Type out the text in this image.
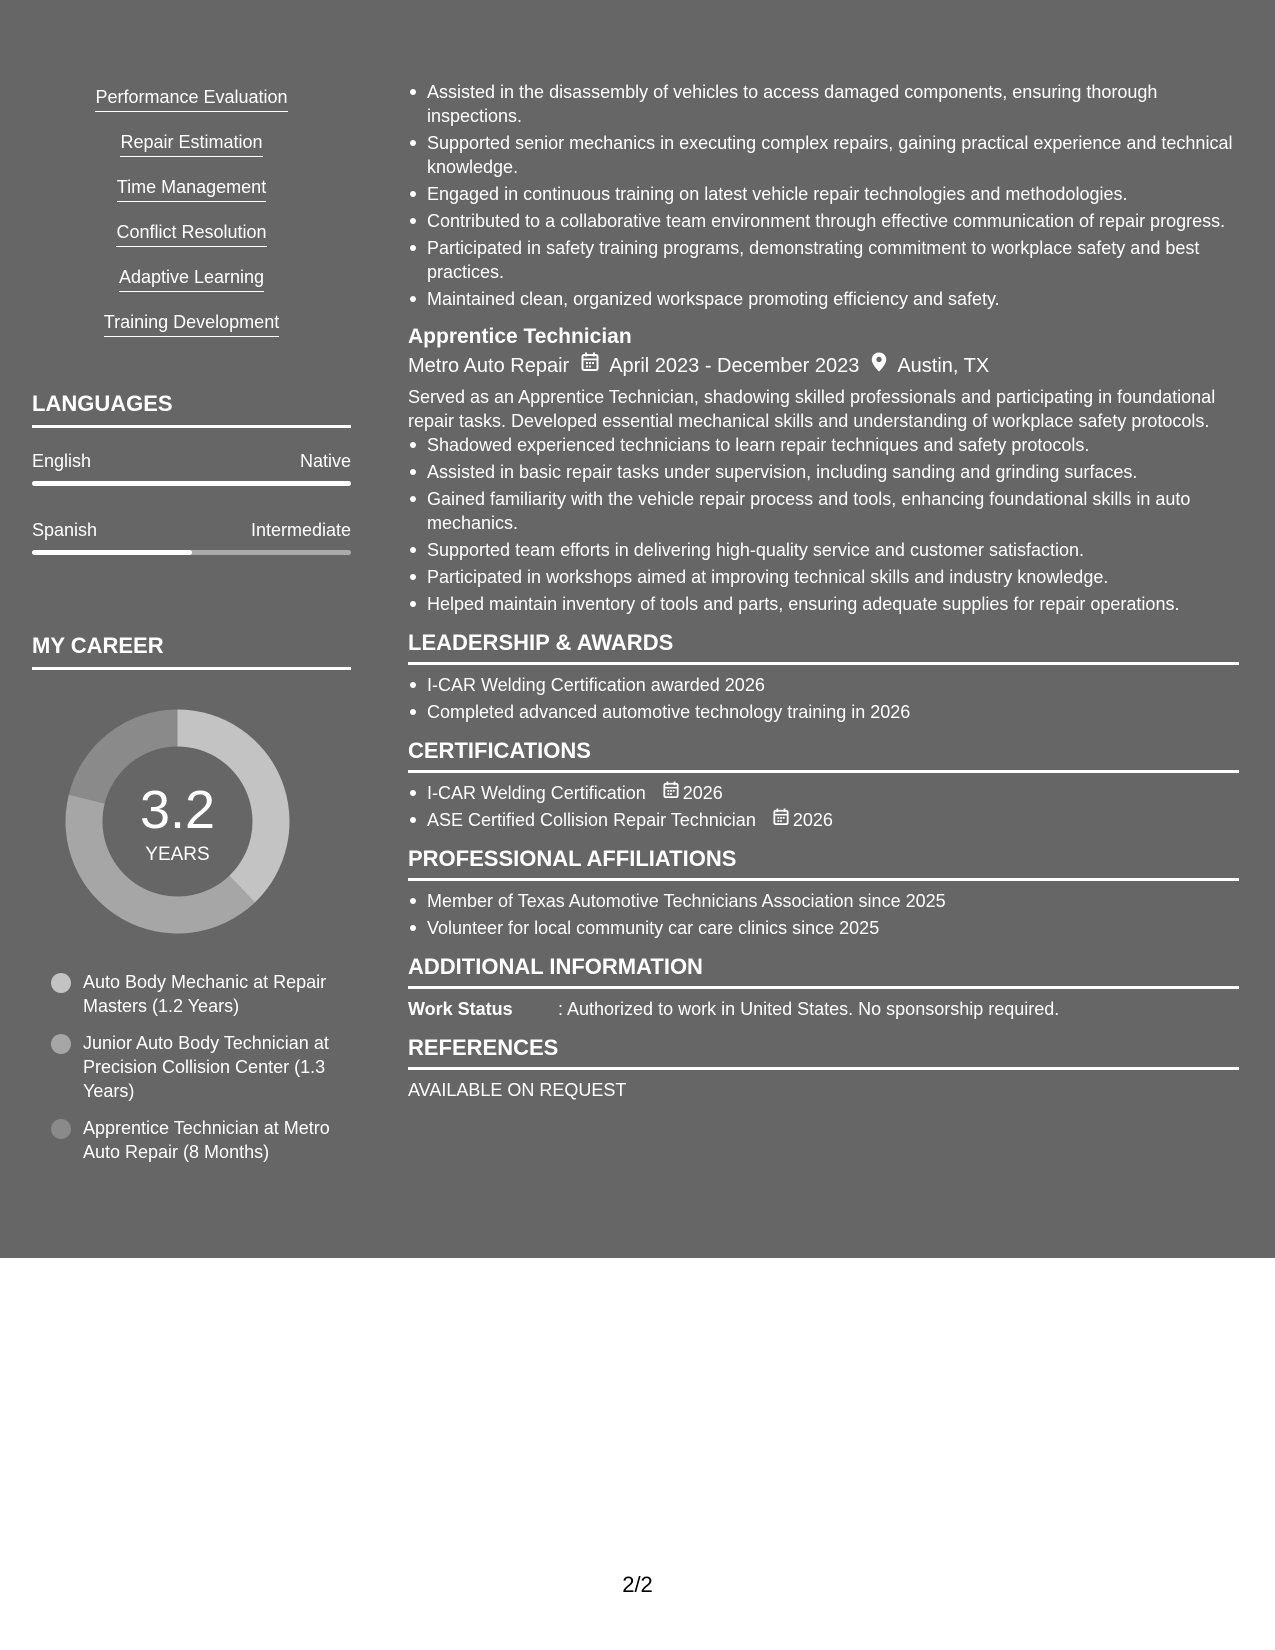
Performance Evaluation
Repair Estimation
Time Management
Conflict Resolution
Adaptive Learning
Training Development
LANGUAGES
English	Native
Spanish	Intermediate
MY CAREER
3.2
YEARS
Auto Body Mechanic at Repair Masters (1.2 Years)
Junior Auto Body Technician at Precision Collision Center (1.3 Years)
Apprentice Technician at Metro Auto Repair (8 Months)
Assisted in the disassembly of vehicles to access damaged components, ensuring thorough inspections.
Supported senior mechanics in executing complex repairs, gaining practical experience and technical knowledge.
Engaged in continuous training on latest vehicle repair technologies and methodologies.
Contributed to a collaborative team environment through effective communication of repair progress.
Participated in safety training programs, demonstrating commitment to workplace safety and best practices.
Maintained clean, organized workspace promoting efficiency and safety.
Apprentice Technician
Metro Auto Repair April 2023 - December 2023 Austin, TX
Served as an Apprentice Technician, shadowing skilled professionals and participating in foundational repair tasks. Developed essential mechanical skills and understanding of workplace safety protocols.
Shadowed experienced technicians to learn repair techniques and safety protocols.
Assisted in basic repair tasks under supervision, including sanding and grinding surfaces.
Gained familiarity with the vehicle repair process and tools, enhancing foundational skills in auto mechanics.
Supported team efforts in delivering high-quality service and customer satisfaction.
Participated in workshops aimed at improving technical skills and industry knowledge.
Helped maintain inventory of tools and parts, ensuring adequate supplies for repair operations.
LEADERSHIP & AWARDS
I-CAR Welding Certification awarded 2026
Completed advanced automotive technology training in 2026
CERTIFICATIONS
I-CAR Welding Certification 2026
ASE Certified Collision Repair Technician 2026
PROFESSIONAL AFFILIATIONS
Member of Texas Automotive Technicians Association since 2025
Volunteer for local community car care clinics since 2025
ADDITIONAL INFORMATION
Work Status	: Authorized to work in United States. No sponsorship required.
REFERENCES
AVAILABLE ON REQUEST
2/2
